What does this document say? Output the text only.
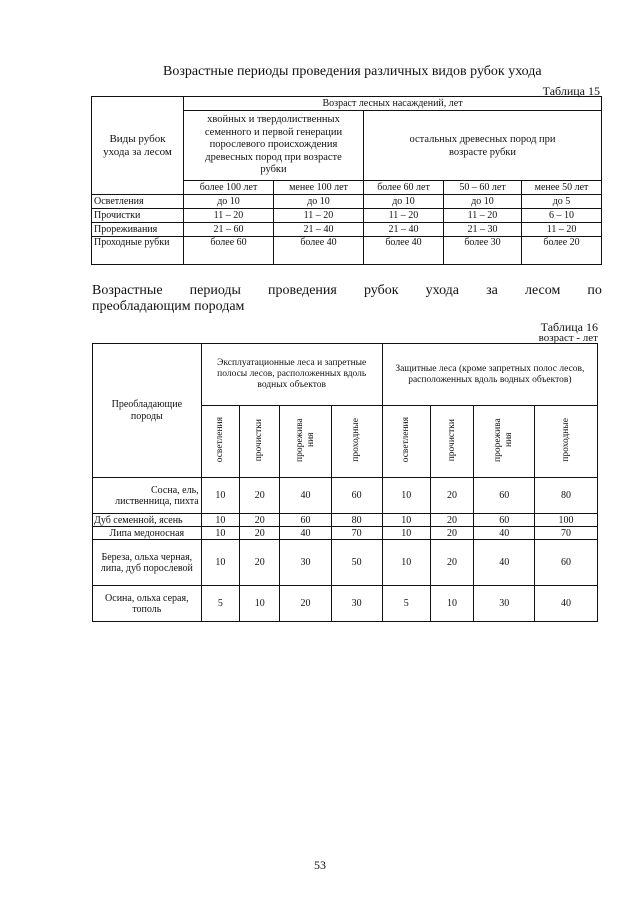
Возрастные периоды проведения различных видов рубок ухода
Таблица 15
Виды рубок ухода за лесом	Возраст лесных насаждений, лет				
	хвойных и твердолиственных семенного и первой генерации порослевого происхождения древесных пород при возрасте рубки		остальных древесных пород при возрасте рубки		
	более 100 лет	менее 100 лет	более 60 лет	50 – 60 лет	менее 50 лет
Осветления	до 10	до 10	до 10	до 10	до 5
Прочистки	11 – 20	11 – 20	11 – 20	11 – 20	6 – 10
Прореживания	21 – 60	21 – 40	21 – 40	21 – 30	11 – 20
Проходные рубки	более 60	более 40	более 40	более 30	более 20
Возрастные периоды проведения рубок ухода за лесом по
преобладающим породам
Таблица 16
возраст - лет
Преобладающие породы	Эксплуатационные леса и запретные полосы лесов, расположенных вдоль водных объектов				Защитные леса (кроме запретных полос лесов, расположенных вдоль водных объектов)			
	осветления	прочистки	прорежива ния	проходные	осветления	прочистки	прорежива ния	проходные
Сосна, ель, лиственница, пихта	10	20	40	60	10	20	60	80
Дуб семенной, ясень	10	20	60	80	10	20	60	100
Липа медоносная	10	20	40	70	10	20	40	70
Береза, ольха черная, липа, дуб порослевой	10	20	30	50	10	20	40	60
Осина, ольха серая, тополь	5	10	20	30	5	10	30	40
53
